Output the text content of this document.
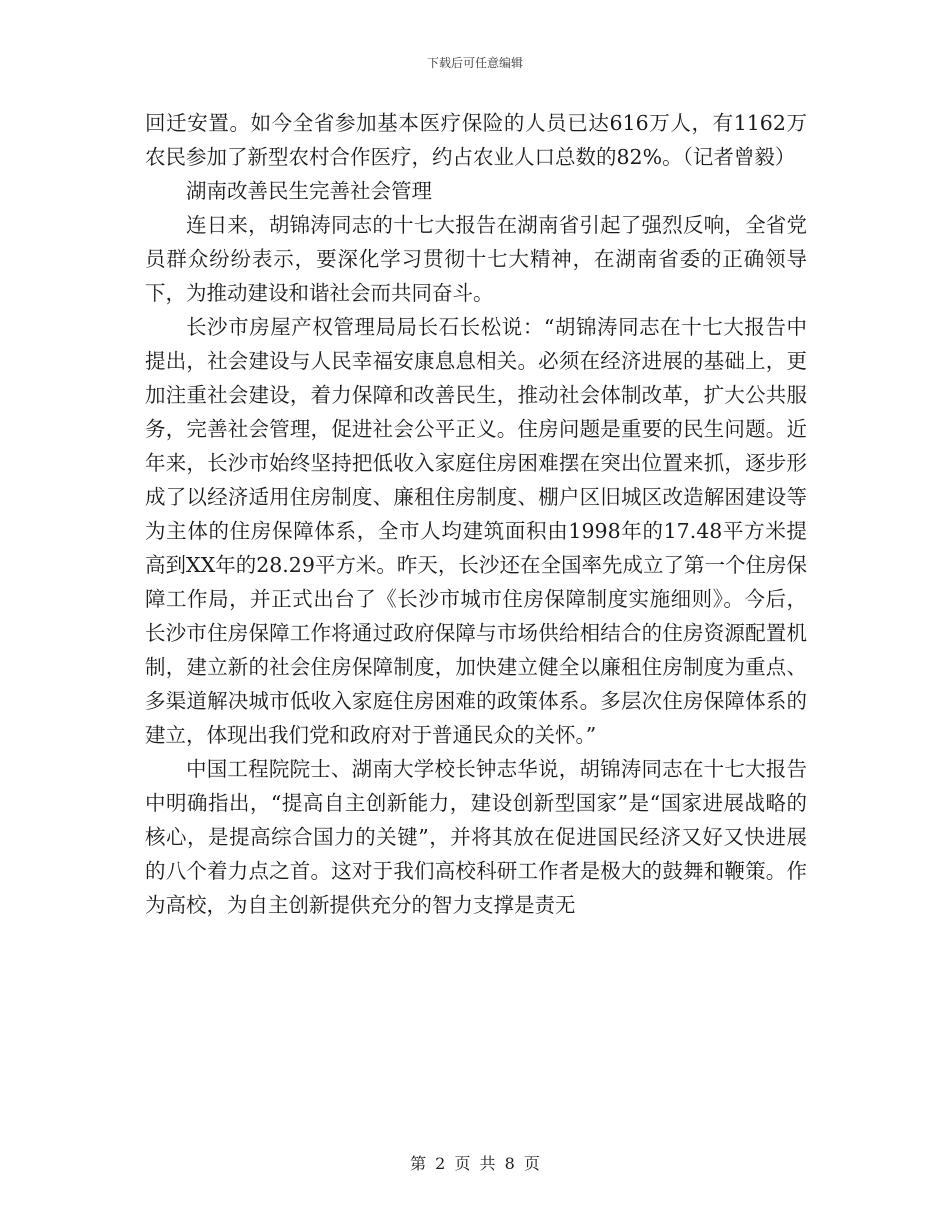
下载后可任意编辑

回迁安置。如今全省参加基本医疗保险的人员已达616万人，有1162万农民参加了新型农村合作医疗，约占农业人口总数的82%。（记者曾毅）

湖南改善民生完善社会管理

连日来，胡锦涛同志的十七大报告在湖南省引起了强烈反响，全省党员群众纷纷表示，要深化学习贯彻十七大精神，在湖南省委的正确领导下，为推动建设和谐社会而共同奋斗。

长沙市房屋产权管理局局长石长松说：“胡锦涛同志在十七大报告中提出，社会建设与人民幸福安康息息相关。必须在经济进展的基础上，更加注重社会建设，着力保障和改善民生，推动社会体制改革，扩大公共服务，完善社会管理，促进社会公平正义。住房问题是重要的民生问题。近年来，长沙市始终坚持把低收入家庭住房困难摆在突出位置来抓，逐步形成了以经济适用住房制度、廉租住房制度、棚户区旧城区改造解困建设等为主体的住房保障体系，全市人均建筑面积由1998年的17.48平方米提高到XX年的28.29平方米。昨天，长沙还在全国率先成立了第一个住房保障工作局，并正式出台了《长沙市城市住房保障制度实施细则》。今后，长沙市住房保障工作将通过政府保障与市场供给相结合的住房资源配置机制，建立新的社会住房保障制度，加快建立健全以廉租住房制度为重点、多渠道解决城市低收入家庭住房困难的政策体系。多层次住房保障体系的建立，体现出我们党和政府对于普通民众的关怀。”

中国工程院院士、湖南大学校长钟志华说，胡锦涛同志在十七大报告中明确指出，“提高自主创新能力，建设创新型国家”是“国家进展战略的核心，是提高综合国力的关键”，并将其放在促进国民经济又好又快进展的八个着力点之首。这对于我们高校科研工作者是极大的鼓舞和鞭策。作为高校，为自主创新提供充分的智力支撑是责无

第 2 页 共 8 页
